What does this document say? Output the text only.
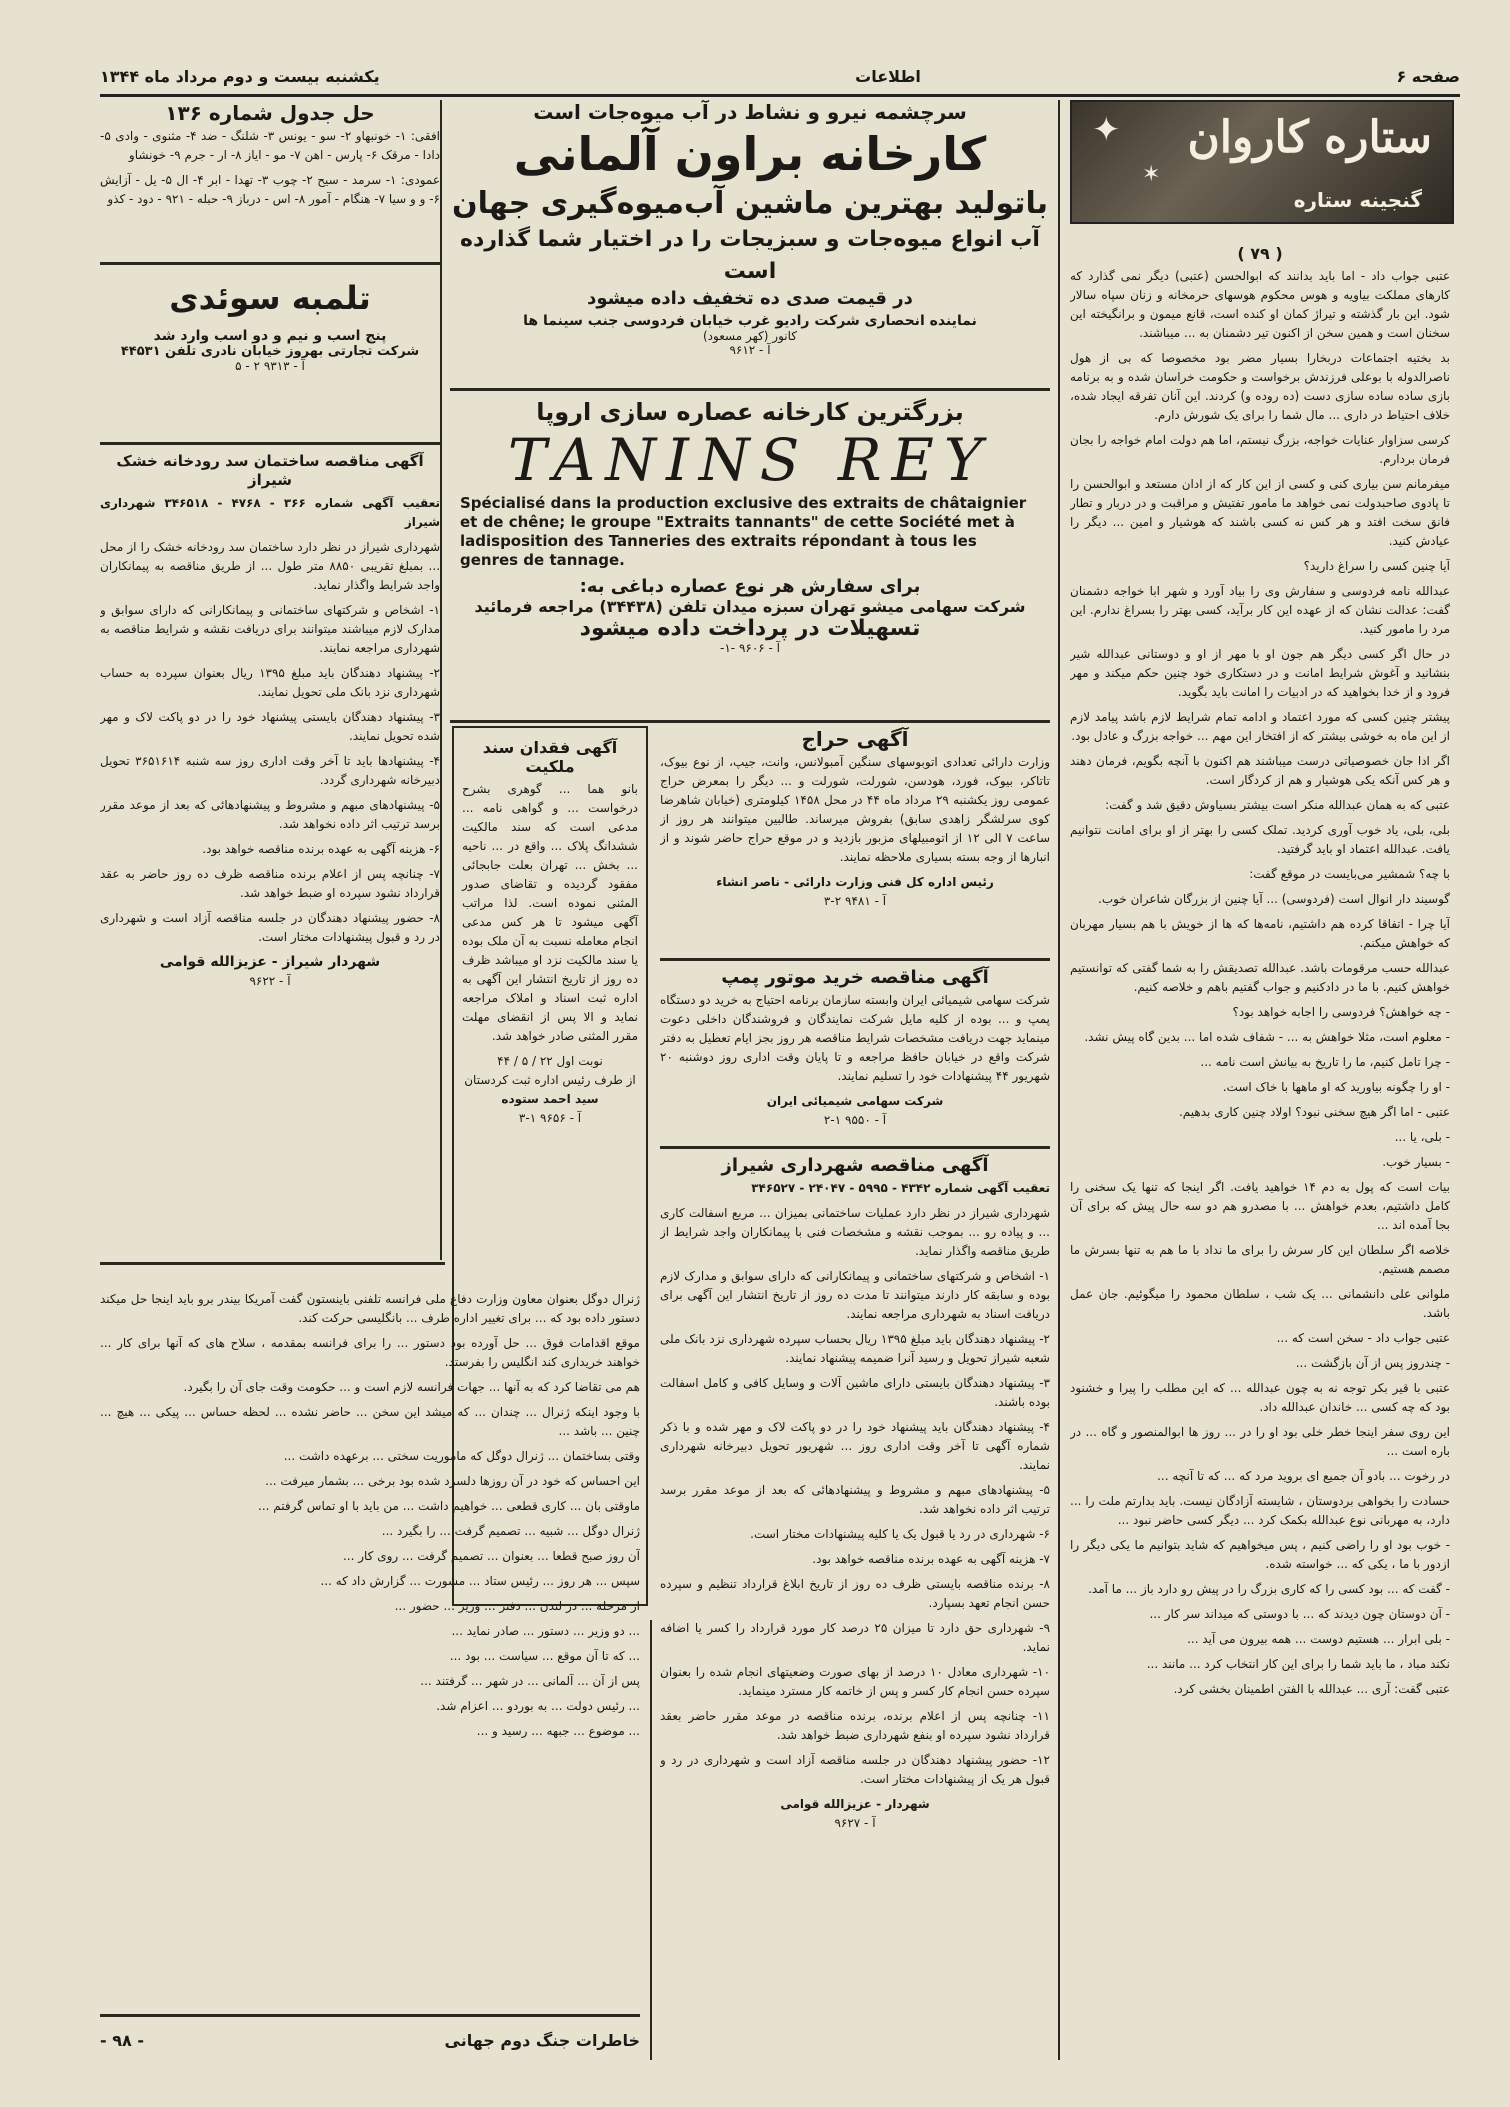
صفحه ۶
اطلاعات
یکشنبه بیست و دوم مرداد ماه ۱۳۴۴
✦
✶
ستاره کاروان
گنجینه ستاره
( ۷۹ )

عتبی جواب داد - اما باید بدانند که ابوالحسن (عتبی) دیگر نمی گذارد که کارهای مملکت بیاویه و هوس محکوم هوسهای حرمخانه و زنان سپاه سالار شود. این بار گذشته و تیراژ کمان او کنده است، قانع میمون و برانگیخته این سخنان است و همین سخن از اکنون تیر دشمنان به ... میباشند.

بد بختیه اجتماعات دربخارا بسیار مضر بود مخصوصا که بی از هول ناصرالدوله با بوعلی فرزندش برخواست و حکومت خراسان شده و به برنامه بازی ساده ساده سازی دست (ده روده و) کردند. این آنان تفرقه ایجاد شده، خلاف احتیاط در داری ... مال شما را برای یک شورش دارم.

کرسی سزاوار عنایات خواجه، بزرگ نیستم، اما هم دولت امام خواجه را بجان فرمان بردارم.

میفرمانم سن بیاری کنی و کسی از این کار که از ادان مستعد و ابوالحسن را تا پادوی صاحبدولت نمی خواهد ما مامور تفتیش و مراقبت و در دربار و تطار فانق سخت افتد و هر کس نه کسی باشند که هوشیار و امین ... دیگر را عیادش کنید.

آیا چنین کسی را سراغ دارید؟

عبدالله نامه فردوسی و سفارش وی را بیاد آورد و شهر ابا خواجه دشمنان گفت: عدالت نشان که از عهده این کار برآید، کسی بهتر را بسراغ ندارم. این مرد را مامور کنید.

در حال اگر کسی دیگر هم جون او با مهر از او و دوستانی عبدالله شیر بنشانید و آغوش شرایط امانت و در دستکاری خود چنین حکم میکند و مهر فرود و از خدا بخواهید که در ادبیات را امانت باید بگوید.

پیشتر چنین کسی که مورد اعتماد و ادامه تمام شرایط لازم باشد پیامد لازم از این ماه به خوشی بیشتر که از افتخار این مهم ... خواجه بزرگ و عادل بود.

اگر ادا جان خصوصیاتی درست میباشند هم اکنون با آنچه بگویم، فرمان دهند و هر کس آنکه یکی هوشیار و هم از کردگار است.

عتبی که به همان عبدالله منکر است بیشتر بسیاوش دقیق شد و گفت:

بلی، بلی، یاد خوب آوری کردید. تملک کسی را بهتر از او برای امانت نتوانیم یافت. عبدالله اعتماد او باید گرفتید.

با چه؟ شمشیر می‌بایست در موقع گفت:

گوسیند دار انوال است (فردوسی) ... آیا چنین از بزرگان شاعران خوب.

آیا چرا - اتفاقا کرده هم داشتیم، نامه‌ها که ها از خویش با هم بسیار مهربان که خواهش میکنم.

عبدالله حسب مرقومات باشد. عبدالله تصدیقش را به شما گفتی که توانستیم خواهش کنیم. با ما در دادکنیم و جواب گفتیم باهم و خلاصه کنیم.

- چه خواهش؟ فردوسی را اجابه خواهد بود؟

- معلوم است، مثلا خواهش به ... - شفاف شده اما ... بدین گاه پیش نشد.

- چرا تامل کنیم، ما را تاریخ به بیانش است نامه ...

- او را چگونه بیاورید که او ماهها با خاک است.

عتبی - اما اگر هیچ سخنی نبود؟ اولاد چنین کاری بدهیم.

- بلی، یا ...

- بسیار خوب.

بیات است که پول به دم ۱۴ خواهید یافت. اگر اینجا که تنها یک سخنی را کامل داشتیم، بعدم خواهش ... با مصدرو هم دو سه حال پیش که برای آن بجا آمده اند ...

خلاصه اگر سلطان این کار سرش را برای ما نداد با ما هم به تنها بسرش ما مصمم هستیم.

ملوانی علی دانشمانی ... یک شب ، سلطان محمود را میگوئیم. جان عمل باشد.

عتبی جواب داد - سخن است که ...

- چندروز پس از آن بازگشت ...

عتبی با قیر بکر توجه نه به چون عبدالله ... که این مطلب را پیرا و خشنود بود که چه کسی ... خاندان عبدالله داد.

این روی سفر اینجا خطر خلی بود او را در ... روز ها ابوالمنصور و گاه ... در باره است ...

در رخوت ... بادو آن جمیع ای بروید مرد که ... که تا آنچه ...

حسادت را بخواهی بردوستان ، شایسته آزادگان نیست. باید بدارتم ملت را ... دارد، به مهربانی نوع عبدالله بکمک کرد ... دیگر کسی حاضر نبود ...

- خوب بود او را راضی کنیم ، پس میخواهیم که شاید بتوانیم ما یکی دیگر را ازدور با ما ، یکی که ... خواسته شده.

- گفت که ... بود کسی را که کاری بزرگ را در پیش رو دارد باز ... ما آمد.

- آن دوستان چون دیدند که ... با دوستی که میداند سر کار ...

- بلی ابرار ... هستیم دوست ... همه بیرون می آید ...

نکند مباد ، ما باید شما را برای این کار انتخاب کرد ... مانند ...

عتبی گفت: آری ... عبدالله با الفتن اطمینان بخشی کرد.

سرچشمه نیرو و نشاط در آب میوه‌جات است
کارخانه براون آلمانی
باتولید بهترین ماشین آب‌میوه‌گیری جهان
آب انواع میوه‌جات و سبزیجات را در اختیار شما گذارده است
در قیمت صدی ده تخفیف داده میشود
نماینده انحصاری شرکت رادیو غرب خیابان فردوسی جنب سینما ها
کانور (کهر مسعود)
آ - ۹۶۱۲
بزرگترین کارخانه عصاره سازی اروپا
TANINS REY
Spécialisé dans la production exclusive des extraits de châtaignier et de chêne; le groupe "Extraits tannants" de cette Société met à ladisposition des Tanneries des extraits répondant à tous les genres de tannage.
برای سفارش هر نوع عصاره دباغی به:
شرکت سهامی میشو تهران سبزه میدان تلفن (۳۴۴۳۸) مراجعه فرمائید
تسهیلات در پرداخت داده میشود
آ - ۹۶۰۶ -۱-
آگهی حراج

وزارت دارائی تعدادی اتوبوسهای سنگین آمبولانس، وانت، جیپ، از نوع بیوک، تاتاکر، بیوک، فورد، هودسن، شورلت، شورلت و ... دیگر را بمعرض حراج عمومی روز یکشنبه ۲۹ مرداد ماه ۴۴ در محل ۱۴۵۸ کیلومتری (خیابان شاهرضا کوی سرلشگر زاهدی سابق) بفروش میرساند. طالبین میتوانند هر روز از ساعت ۷ الی ۱۲ از اتومبیلهای مزبور بازدید و در موقع حراج حاضر شوند و از انبارها از وجه بسته بسیاری ملاحظه نمایند.

رئیس اداره کل فنی وزارت دارائی - ناصر انشاء
آ - ۹۴۸۱ ۲-۳
آگهی مناقصه خرید موتور پمپ

شرکت سهامی شیمیائی ایران وابسته سازمان برنامه احتیاج به خرید دو دستگاه پمپ و ... بوده از کلیه مایل شرکت نمایندگان و فروشندگان داخلی دعوت مینماید جهت دریافت مشخصات شرایط مناقصه هر روز بجز ایام تعطیل به دفتر شرکت واقع در خیابان حافظ مراجعه و تا پایان وقت اداری روز دوشنبه ۲۰ شهریور ۴۴ پیشنهادات خود را تسلیم نمایند.

شرکت سهامی شیمیائی ایران
آ - ۹۵۵۰ ۱-۲
آگهی فقدان سند ملکیت

بانو هما ... گوهری بشرح درخواست ... و گواهی نامه ... مدعی است که سند مالکیت ششدانگ پلاک ... واقع در ... ناحیه ... بخش ... تهران بعلت جابجائی مفقود گردیده و تقاضای صدور المثنی نموده است. لذا مراتب آگهی میشود تا هر کس مدعی انجام معامله نسبت به آن ملک بوده یا سند مالکیت نزد او میباشد ظرف ده روز از تاریخ انتشار این آگهی به اداره ثبت اسناد و املاک مراجعه نماید و الا پس از انقضای مهلت مقرر المثنی صادر خواهد شد.

نوبت اول ۲۲ / ۵ / ۴۴
از طرف رئیس اداره ثبت کردستان
سید احمد ستوده
آ - ۹۶۵۶ ۱-۳
آگهی مناقصه شهرداری شیراز

تعقیب آگهی شماره ۴۳۴۲ - ۵۹۹۵ - ۲۴۰۴۷ - ۳۴۶۵۲۷

شهرداری شیراز در نظر دارد عملیات ساختمانی بمیزان ... مربع اسفالت کاری ... و پیاده رو ... بموجب نقشه و مشخصات فنی با پیمانکاران واجد شرایط از طریق مناقصه واگذار نماید.

۱- اشخاص و شرکتهای ساختمانی و پیمانکارانی که دارای سوابق و مدارک لازم بوده و سابقه کار دارند میتوانند تا مدت ده روز از تاریخ انتشار این آگهی برای دریافت اسناد به شهرداری مراجعه نمایند.

۲- پیشنهاد دهندگان باید مبلغ ۱۳۹۵ ریال بحساب سپرده شهرداری نزد بانک ملی شعبه شیراز تحویل و رسید آنرا ضمیمه پیشنهاد نمایند.

۳- پیشنهاد دهندگان بایستی دارای ماشین آلات و وسایل کافی و کامل اسفالت بوده باشند.

۴- پیشنهاد دهندگان باید پیشنهاد خود را در دو پاکت لاک و مهر شده و با ذکر شماره آگهی تا آخر وقت اداری روز ... شهریور تحویل دبیرخانه شهرداری نمایند.

۵- پیشنهادهای مبهم و مشروط و پیشنهادهائی که بعد از موعد مقرر برسد ترتیب اثر داده نخواهد شد.

۶- شهرداری در رد یا قبول یک یا کلیه پیشنهادات مختار است.

۷- هزینه آگهی به عهده برنده مناقصه خواهد بود.

۸- برنده مناقصه بایستی ظرف ده روز از تاریخ ابلاغ قرارداد تنظیم و سپرده حسن انجام تعهد بسپارد.

۹- شهرداری حق دارد تا میزان ۲۵ درصد کار مورد قرارداد را کسر یا اضافه نماید.

۱۰- شهرداری معادل ۱۰ درصد از بهای صورت وضعیتهای انجام شده را بعنوان سپرده حسن انجام کار کسر و پس از خاتمه کار مسترد مینماید.

۱۱- چنانچه پس از اعلام برنده، برنده مناقصه در موعد مقرر حاضر بعقد قرارداد نشود سپرده او بنفع شهرداری ضبط خواهد شد.

۱۲- حضور پیشنهاد دهندگان در جلسه مناقصه آزاد است و شهرداری در رد و قبول هر یک از پیشنهادات مختار است.

شهردار - عزیزالله قوامی
آ - ۹۶۲۷
حل جدول شماره ۱۳۶

افقی: ۱- خونبهاو ۲- سو - یونس ۳- شلنگ - ضد ۴- مثنوی - وادی ۵- دادا - مرقک ۶- پارس - اهن ۷- مو - ایاز ۸- ار - جرم ۹- خونشاو

عمودی: ۱- سرمد - سیح ۲- چوب ۳- تهدا - ابر ۴- ال ۵- یل - آزایش ۶- و و سیا ۷- هنگام - آمور ۸- اس - درباز ۹- حبله - ۹۲۱ - دود - کذو

تلمبه سوئدی
پنج اسب و نیم و دو اسب وارد شد
شرکت تجارتی بهروز خیابان نادری تلفن ۴۴۵۳۱
آ - ۹۳۱۳ ۲ - ۵
آگهی مناقصه ساختمان سد رودخانه خشک شیراز

تعقیب آگهی شماره ۳۶۶ - ۴۷۶۸ - ۳۴۶۵۱۸ شهرداری شیراز

شهرداری شیراز در نظر دارد ساختمان سد رودخانه خشک را از محل ... بمبلغ تقریبی ۸۸۵۰ متر طول ... از طریق مناقصه به پیمانکاران واجد شرایط واگذار نماید.

۱- اشخاص و شرکتهای ساختمانی و پیمانکارانی که دارای سوابق و مدارک لازم میباشند میتوانند برای دریافت نقشه و شرایط مناقصه به شهرداری مراجعه نمایند.

۲- پیشنهاد دهندگان باید مبلغ ۱۳۹۵ ریال بعنوان سپرده به حساب شهرداری نزد بانک ملی تحویل نمایند.

۳- پیشنهاد دهندگان بایستی پیشنهاد خود را در دو پاکت لاک و مهر شده تحویل نمایند.

۴- پیشنهادها باید تا آخر وقت اداری روز سه شنبه ۳۶۵۱۶۱۴ تحویل دبیرخانه شهرداری گردد.

۵- پیشنهادهای مبهم و مشروط و پیشنهادهائی که بعد از موعد مقرر برسد ترتیب اثر داده نخواهد شد.

۶- هزینه آگهی به عهده برنده مناقصه خواهد بود.

۷- چنانچه پس از اعلام برنده مناقصه ظرف ده روز حاضر به عقد قرارداد نشود سپرده او ضبط خواهد شد.

۸- حضور پیشنهاد دهندگان در جلسه مناقصه آزاد است و شهرداری در رد و قبول پیشنهادات مختار است.

شهردار شیراز - عزیزالله قوامی
آ - ۹۶۲۲

ژنرال دوگل بعنوان معاون وزارت دفاع ملی فرانسه تلفنی باینستون گفت آمریکا بیندر برو باید اینجا حل میکند دستور داده بود که ... برای تغییر اداره طرف ... بانگلیسی حرکت کند.

موقع اقدامات فوق ... حل آورده بود دستور ... را برای فرانسه بمقدمه ، سلاح های که آنها برای کار ... خواهند خریداری کند انگلیس را بفرستد.

هم می تقاضا کرد که به آنها ... جهات فرانسه لازم است و ... حکومت وقت جای آن را بگیرد.

با وجود اینکه ژنرال ... چندان ... که میشد این سخن ... حاضر نشده ... لحظه حساس ... پیکی ... هیچ ... چنین ... باشد ...

وقتی بساختمان ... ژنرال دوگل که ماموریت سختی ... برعهده داشت ...

این احساس که خود در آن روزها دلسرد شده بود برخی ... بشمار میرفت ...

ماوقتی بان ... کاری قطعی ... خواهیم داشت ... من باید با او تماس گرفتم ...

ژنرال دوگل ... شبیه ... تصمیم گرفت ... را بگیرد ...

آن روز صبح قطعا ... بعنوان ... تصمیم گرفت ... روی کار ...

سپس ... هر روز ... رئیس ستاد ... مشورت ... گزارش داد که ...

از مرحله ... در لندن ... دفتر ... وزیر ... حضور ...

... دو وزیر ... دستور ... صادر نماید ...

... که تا آن موقع ... سیاست ... بود ...

پس از آن ... آلمانی ... در شهر ... گرفتند ...

... رئیس دولت ... به بوردو ... اعزام شد.

... موضوع ... جبهه ... رسید و ...

خاطرات جنگ دوم جهانی
- ۹۸ -
